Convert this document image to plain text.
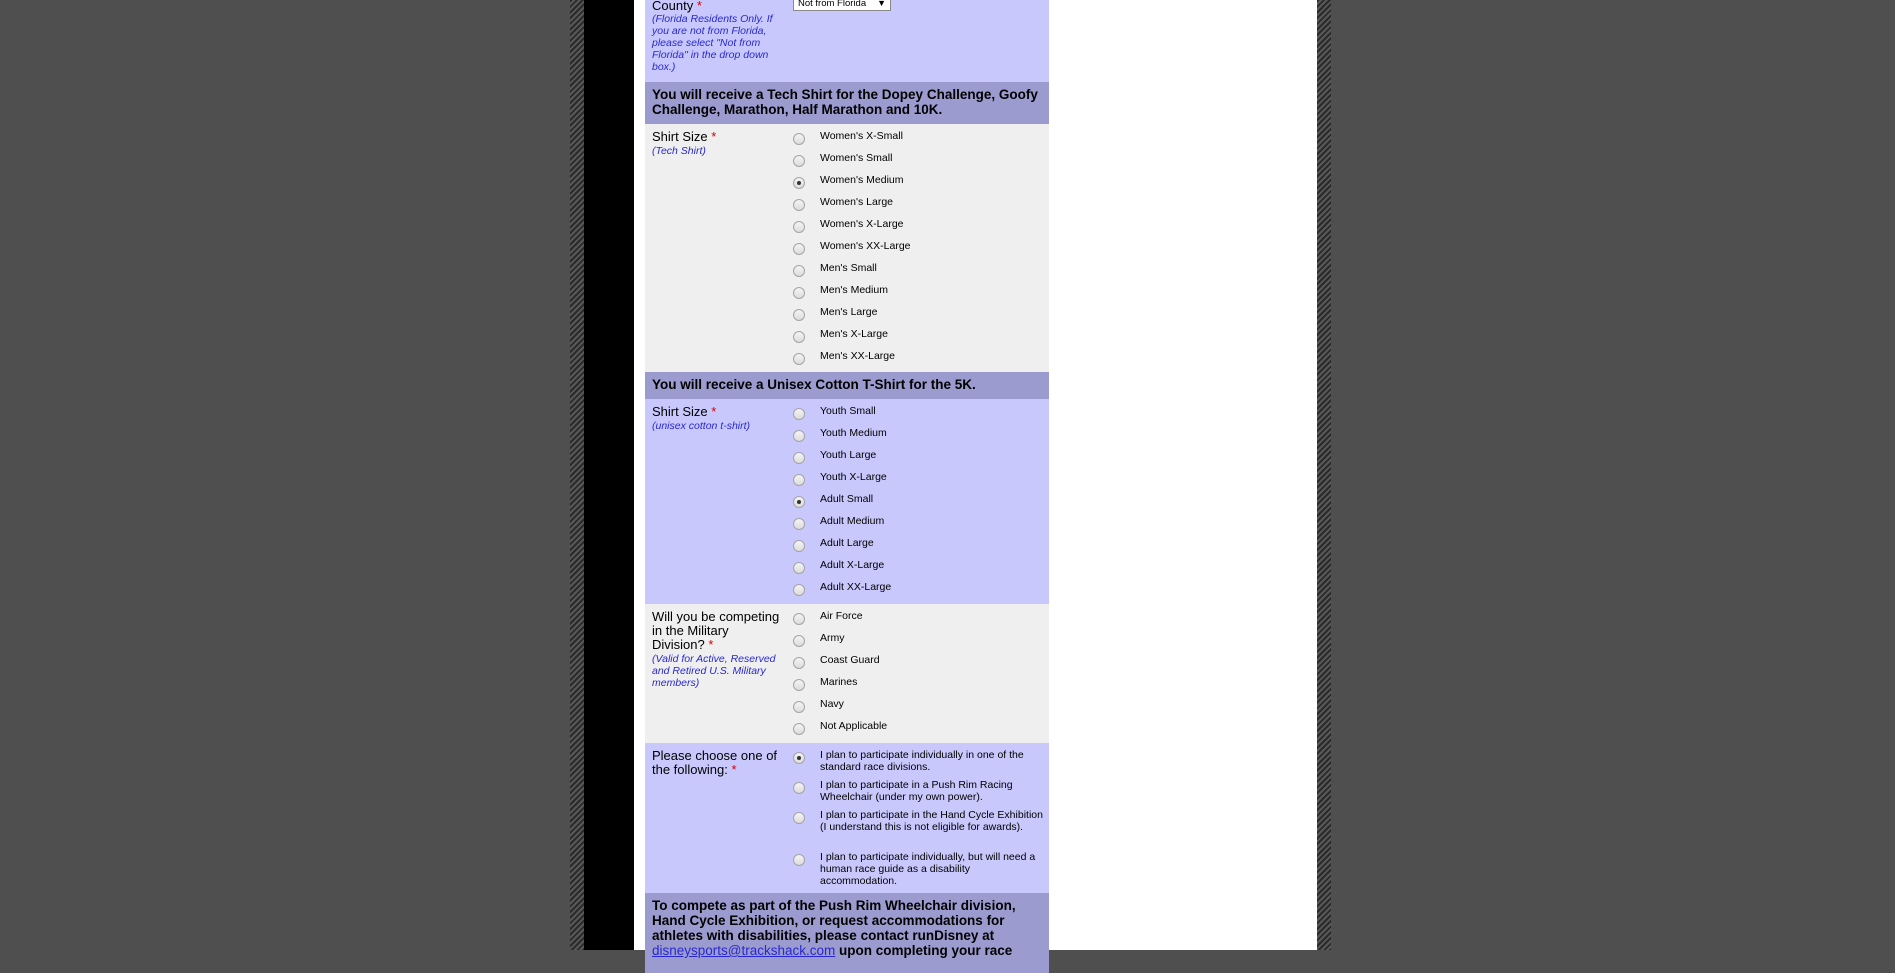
County *
(Florida Residents Only. If you are not from Florida, please select "Not from Florida" in the drop down box.)
Not from Florida ▼
You will receive a Tech Shirt for the Dopey Challenge, Goofy Challenge, Marathon, Half Marathon and 10K.
Shirt Size *
(Tech Shirt)
Women's X-Small
Women's Small
Women's Medium
Women's Large
Women's X-Large
Women's XX-Large
Men's Small
Men's Medium
Men's Large
Men's X-Large
Men's XX-Large
You will receive a Unisex Cotton T-Shirt for the 5K.
Shirt Size *
(unisex cotton t-shirt)
Youth Small
Youth Medium
Youth Large
Youth X-Large
Adult Small
Adult Medium
Adult Large
Adult X-Large
Adult XX-Large
Will you be competing in the Military Division? *
(Valid for Active, Reserved and Retired U.S. Military members)
Air Force
Army
Coast Guard
Marines
Navy
Not Applicable
Please choose one of the following: *
I plan to participate individually in one of the standard race divisions.
I plan to participate in a Push Rim Racing Wheelchair (under my own power).
I plan to participate in the Hand Cycle Exhibition (I understand this is not eligible for awards).
I plan to participate individually, but will need a human race guide as a disability accommodation.
To compete as part of the Push Rim Wheelchair division, Hand Cycle Exhibition, or request accommodations for athletes with disabilities, please contact runDisney at disneysports@trackshack.com upon completing your race
